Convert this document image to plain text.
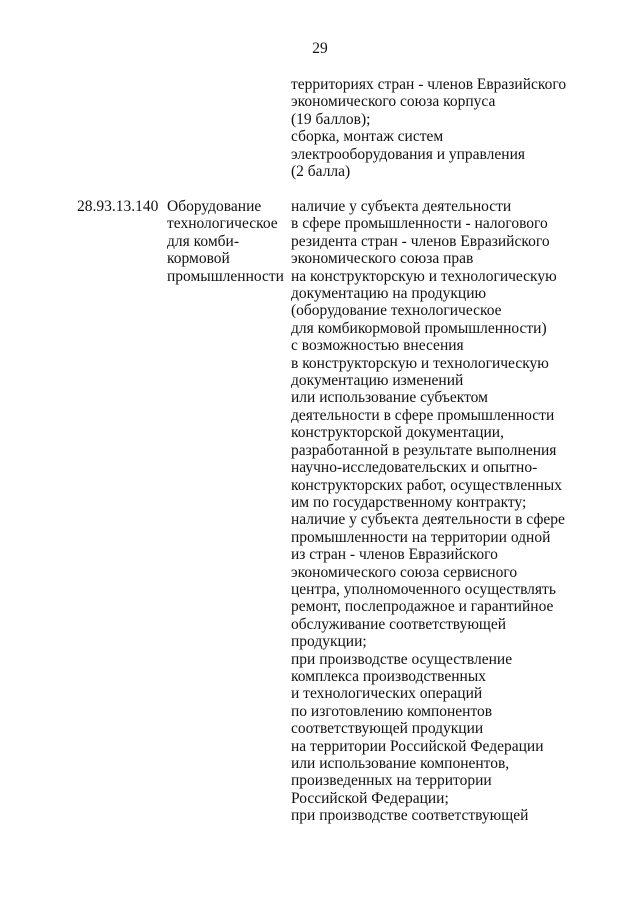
29
территориях стран - членов Евразийского
экономического союза корпуса
(19 баллов);
сборка, монтаж систем
электрооборудования и управления
(2 балла)
28.93.13.140 Оборудование
технологическое
для комби-
кормовой
промышленности
наличие у субъекта деятельности
в сфере промышленности - налогового
резидента стран - членов Евразийского
экономического союза прав
на конструкторскую и технологическую
документацию на продукцию
(оборудование технологическое
для комбикормовой промышленности)
с возможностью внесения
в конструкторскую и технологическую
документацию изменений
или использование субъектом
деятельности в сфере промышленности
конструкторской документации,
разработанной в результате выполнения
научно-исследовательских и опытно-
конструкторских работ, осуществленных
им по государственному контракту;
наличие у субъекта деятельности в сфере
промышленности на территории одной
из стран - членов Евразийского
экономического союза сервисного
центра, уполномоченного осуществлять
ремонт, послепродажное и гарантийное
обслуживание соответствующей
продукции;
при производстве осуществление
комплекса производственных
и технологических операций
по изготовлению компонентов
соответствующей продукции
на территории Российской Федерации
или использование компонентов,
произведенных на территории
Российской Федерации;
при производстве соответствующей
